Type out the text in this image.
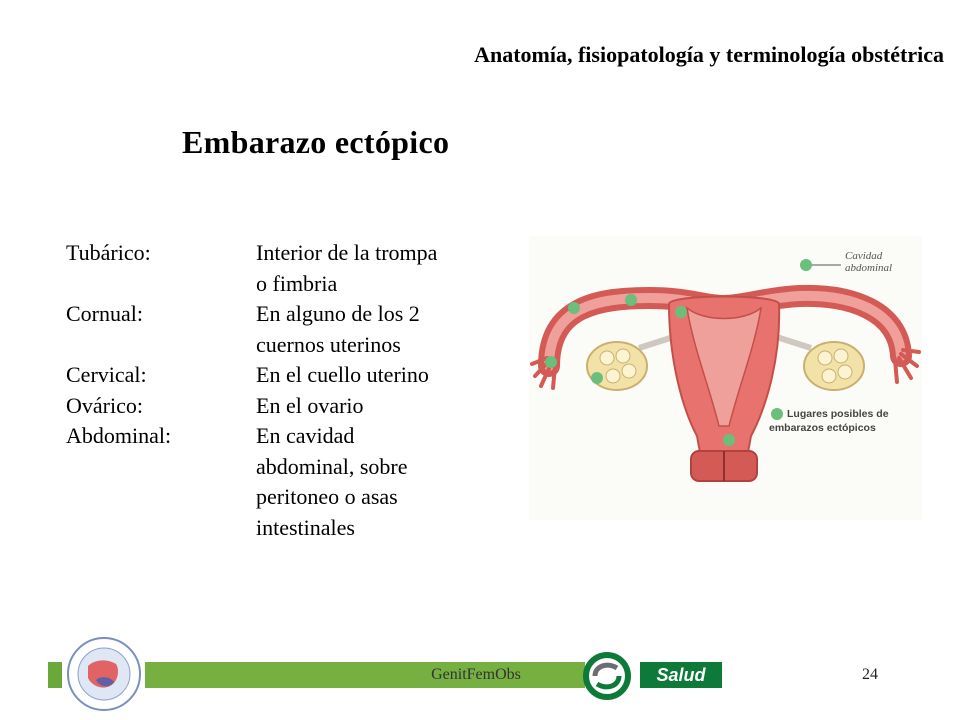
Anatomía, fisiopatología y terminología obstétrica
Embarazo ectópico
Tubárico:	Interior de la trompa
o fimbria
Cornual:	En alguno de los 2
cuernos uterinos
Cervical:	En el cuello uterino
Ovárico:	En el ovario
Abdominal:	En cavidad
abdominal, sobre
peritoneo o asas
intestinales
Cavidad
abdominal
Lugares posibles de
embarazos ectópicos
GenitFemObs	Salud	24
